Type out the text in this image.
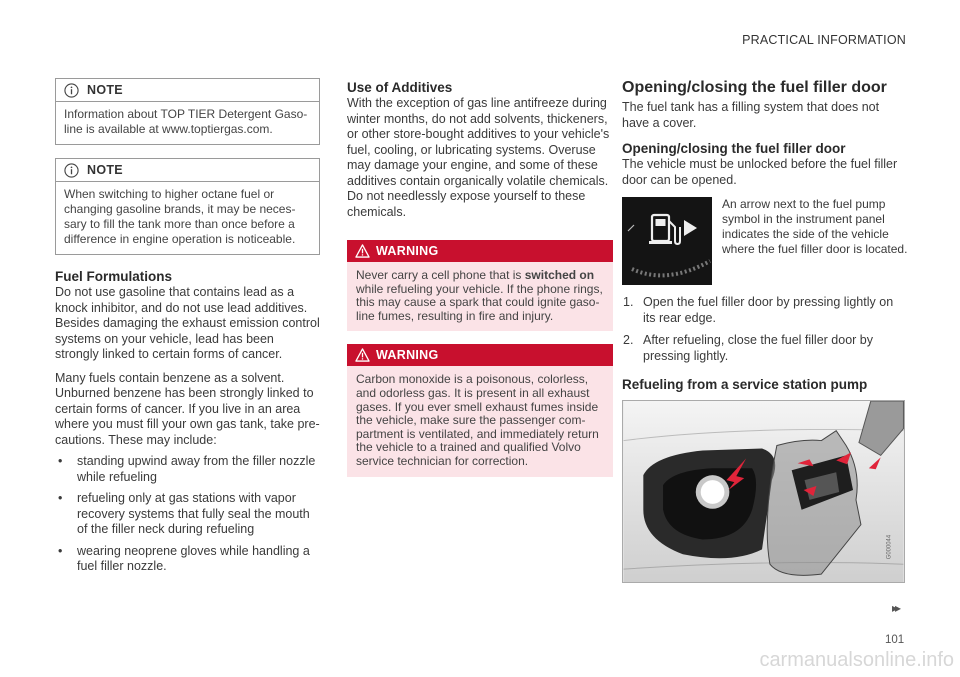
PRACTICAL INFORMATION
NOTE
Information about TOP TIER Detergent Gaso-line is available at www.toptiergas.com.
NOTE
When switching to higher octane fuel or changing gasoline brands, it may be neces-sary to fill the tank more than once before a difference in engine operation is noticeable.
Fuel Formulations

Do not use gasoline that contains lead as a knock inhibitor, and do not use lead additives. Besides damaging the exhaust emission control systems on your vehicle, lead has been strongly linked to certain forms of cancer.

Many fuels contain benzene as a solvent. Unburned benzene has been strongly linked to certain forms of cancer. If you live in an area where you must fill your own gas tank, take pre-cautions. These may include:

• standing upwind away from the filler nozzle while refueling
• refueling only at gas stations with vapor recovery systems that fully seal the mouth of the filler neck during refueling
• wearing neoprene gloves while handling a fuel filler nozzle.
Use of Additives

With the exception of gas line antifreeze during winter months, do not add solvents, thickeners, or other store-bought additives to your vehicle's fuel, cooling, or lubricating systems. Overuse may damage your engine, and some of these additives contain organically volatile chemicals. Do not needlessly expose yourself to these chemicals.

WARNING
Never carry a cell phone that is switched on while refueling your vehicle. If the phone rings, this may cause a spark that could ignite gaso-line fumes, resulting in fire and injury.
WARNING
Carbon monoxide is a poisonous, colorless, and odorless gas. It is present in all exhaust gases. If you ever smell exhaust fumes inside the vehicle, make sure the passenger com-partment is ventilated, and immediately return the vehicle to a trained and qualified Volvo service technician for correction.
Opening/closing the fuel filler door

The fuel tank has a filling system that does not have a cover.

Opening/closing the fuel filler door

The vehicle must be unlocked before the fuel filler door can be opened.

An arrow next to the fuel pump symbol in the instrument panel indicates the side of the vehicle where the fuel filler door is located.

1. Open the fuel filler door by pressing lightly on its rear edge.
2. After refueling, close the fuel filler door by pressing lightly.
Refueling from a service station pump
G000044
▸▸
101
carmanualsonline.info
